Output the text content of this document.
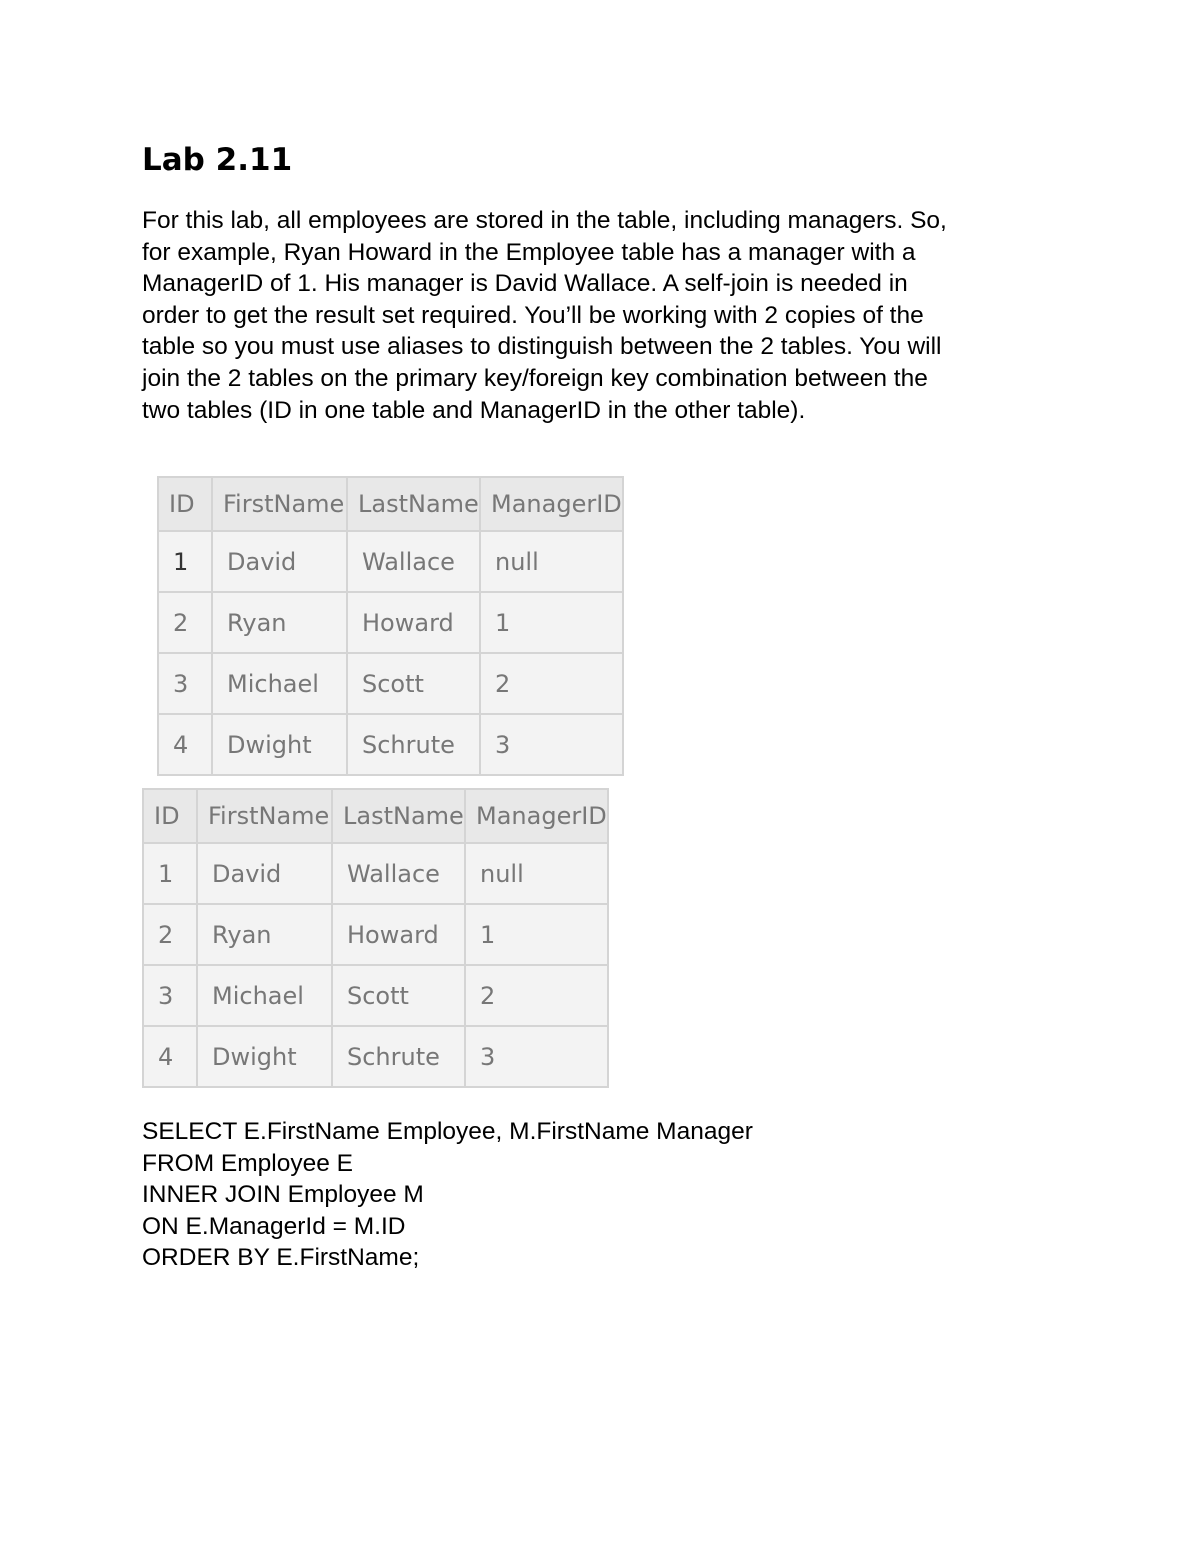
Lab 2.11

For this lab, all employees are stored in the table, including managers. So,
for example, Ryan Howard in the Employee table has a manager with a
ManagerID of 1. His manager is David Wallace. A self-join is needed in
order to get the result set required. You’ll be working with 2 copies of the
table so you must use aliases to distinguish between the 2 tables. You will
join the 2 tables on the primary key/foreign key combination between the
two tables (ID in one table and ManagerID in the other table).

ID	FirstName	LastName	ManagerID
1	David	Wallace	null
2	Ryan	Howard	1
3	Michael	Scott	2
4	Dwight	Schrute	3
ID	FirstName	LastName	ManagerID
1	David	Wallace	null
2	Ryan	Howard	1
3	Michael	Scott	2
4	Dwight	Schrute	3

SELECT E.FirstName Employee, M.FirstName Manager
FROM Employee E
INNER JOIN Employee M
ON E.ManagerId = M.ID
ORDER BY E.FirstName;
